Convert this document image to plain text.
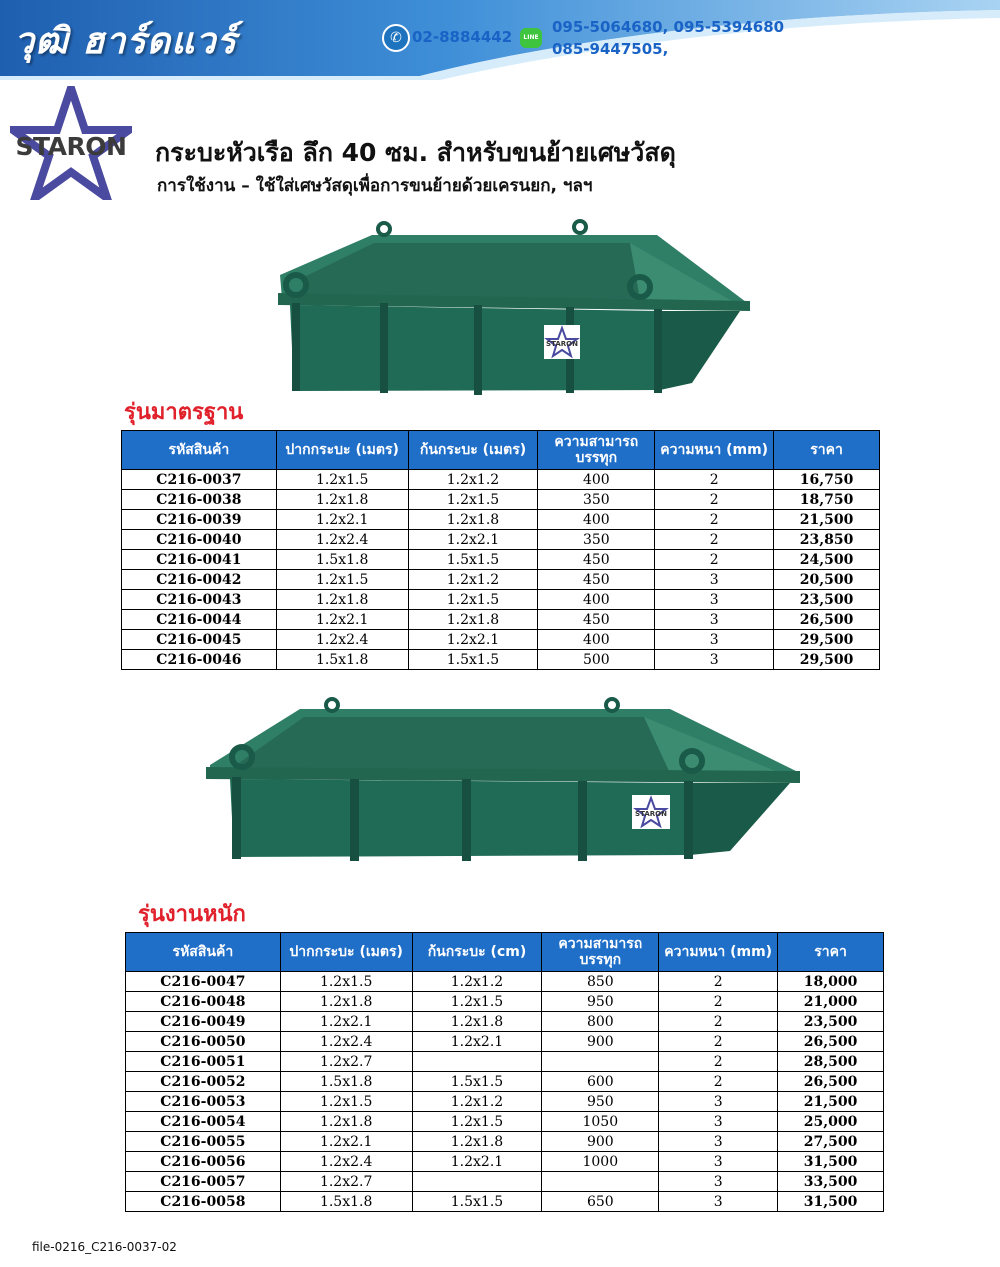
วุฒิ ฮาร์ดแวร์	✆ 02-8884442	LINE
095-5064680, 095-5394680
085-9447505,
STARON กระบะหัวเรือ ลึก 40 ซม. สำหรับขนย้ายเศษวัสดุ
การใช้งาน – ใช้ใส่เศษวัสดุเพื่อการขนย้ายด้วยเครนยก, ฯลฯ
STARON
รุ่นมาตรฐาน
รหัสสินค้า	ปากกระบะ (เมตร)	ก้นกระบะ (เมตร)	ความสามารถ บรรทุก	ความหนา (mm)	ราคา
C216-0037	1.2x1.5	1.2x1.2	400	2	16,750
C216-0038	1.2x1.8	1.2x1.5	350	2	18,750
C216-0039	1.2x2.1	1.2x1.8	400	2	21,500
C216-0040	1.2x2.4	1.2x2.1	350	2	23,850
C216-0041	1.5x1.8	1.5x1.5	450	2	24,500
C216-0042	1.2x1.5	1.2x1.2	450	3	20,500
C216-0043	1.2x1.8	1.2x1.5	400	3	23,500
C216-0044	1.2x2.1	1.2x1.8	450	3	26,500
C216-0045	1.2x2.4	1.2x2.1	400	3	29,500
C216-0046	1.5x1.8	1.5x1.5	500	3	29,500
STARON
รุ่นงานหนัก
รหัสสินค้า	ปากกระบะ (เมตร)	ก้นกระบะ (cm)	ความสามารถ บรรทุก	ความหนา (mm)	ราคา
C216-0047	1.2x1.5	1.2x1.2	850	2	18,000
C216-0048	1.2x1.8	1.2x1.5	950	2	21,000
C216-0049	1.2x2.1	1.2x1.8	800	2	23,500
C216-0050	1.2x2.4	1.2x2.1	900	2	26,500
C216-0051	1.2x2.7			2	28,500
C216-0052	1.5x1.8	1.5x1.5	600	2	26,500
C216-0053	1.2x1.5	1.2x1.2	950	3	21,500
C216-0054	1.2x1.8	1.2x1.5	1050	3	25,000
C216-0055	1.2x2.1	1.2x1.8	900	3	27,500
C216-0056	1.2x2.4	1.2x2.1	1000	3	31,500
C216-0057	1.2x2.7			3	33,500
C216-0058	1.5x1.8	1.5x1.5	650	3	31,500
file-0216_C216-0037-02
